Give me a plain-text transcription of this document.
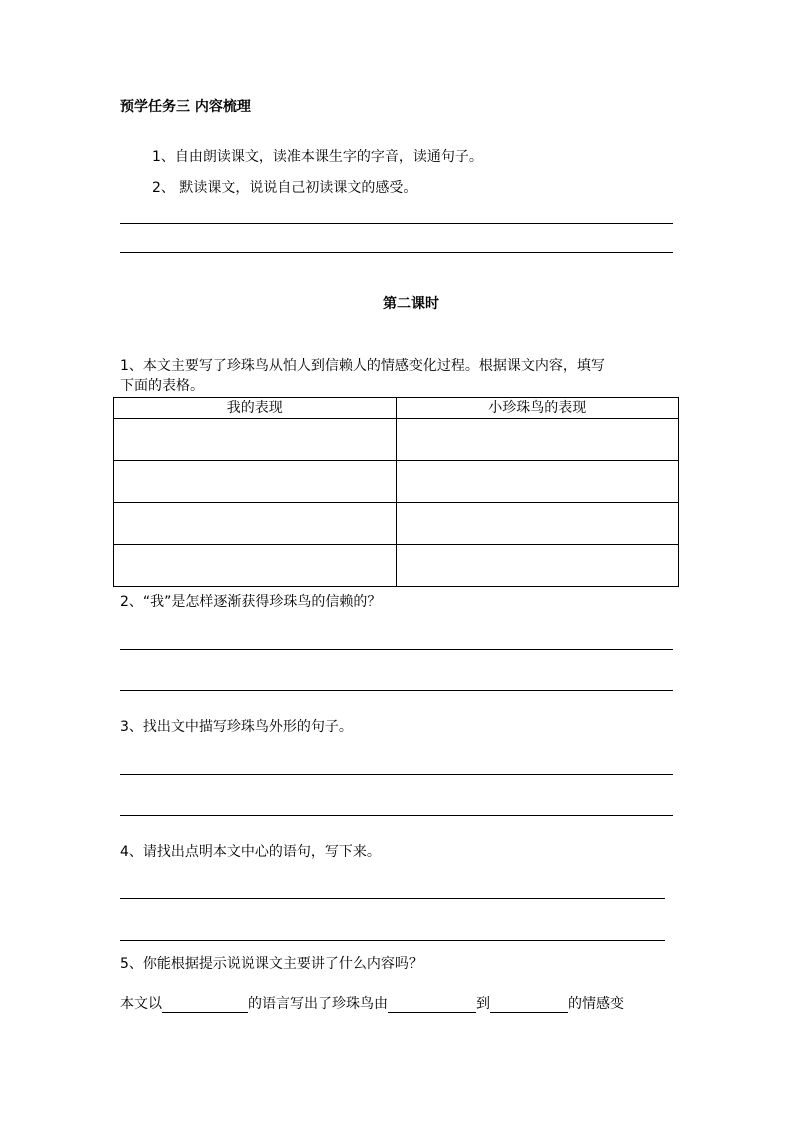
预学任务三 内容梳理
1、自由朗读课文，读准本课生字的字音，读通句子。
2、 默读课文，说说自己初读课文的感受。
第二课时
1、本文主要写了珍珠鸟从怕人到信赖人的情感变化过程。根据课文内容，填写
下面的表格。
我的表现	小珍珠鸟的表现

2、“我”是怎样逐渐获得珍珠鸟的信赖的？
3、找出文中描写珍珠鸟外形的句子。
4、请找出点明本文中心的语句，写下来。
5、你能根据提示说说课文主要讲了什么内容吗？
本文以	的语言写出了珍珠鸟由	到	的情感变
